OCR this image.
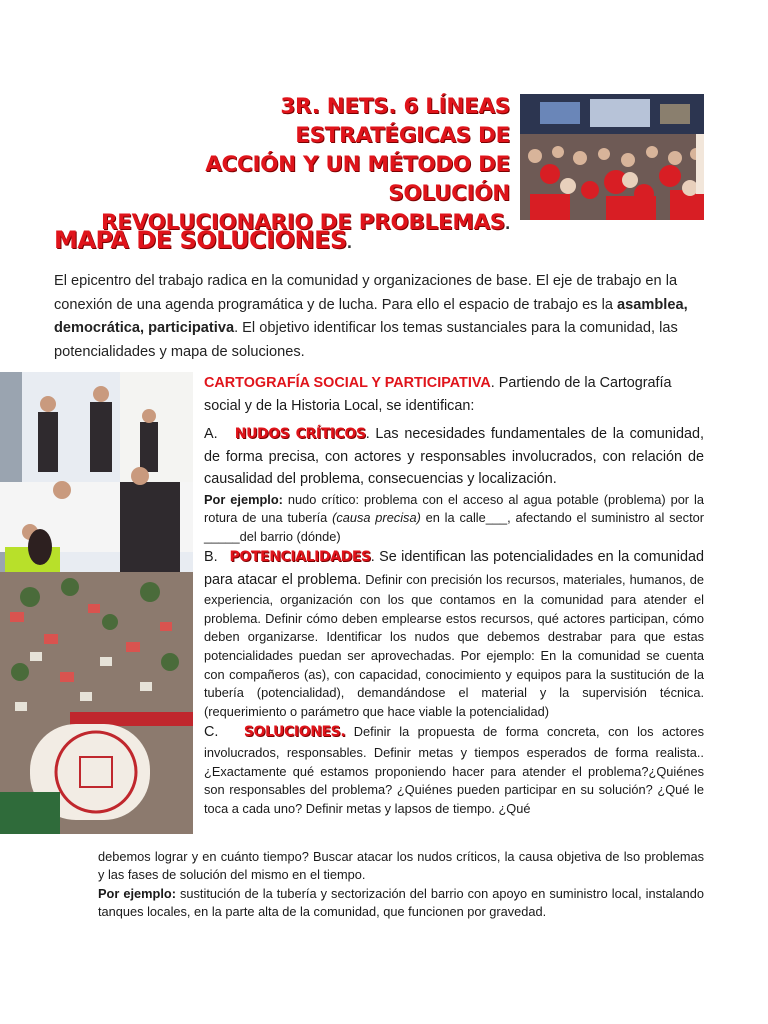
3R. NETS. 6 LÍNEAS ESTRATÉGICAS DE
ACCIÓN Y UN MÉTODO DE SOLUCIÓN
REVOLUCIONARIO DE PROBLEMAS.
MAPA DE SOLUCIONES.

El epicentro del trabajo radica en la comunidad y organizaciones de base. El eje de trabajo en la conexión de una agenda programática y de lucha. Para ello el espacio de trabajo es la asamblea, democrática, participativa. El objetivo identificar los temas sustanciales para la comunidad, las potencialidades y mapa de soluciones.

CARTOGRAFÍA SOCIAL Y PARTICIPATIVA. Partiendo de la Cartografía social y de la Historia Local, se identifican:

A. NUDOS CRÍTICOS. Las necesidades fundamentales de la comunidad, de forma precisa, con actores y responsables involucrados, con relación de causalidad del problema, consecuencias y localización.

Por ejemplo: nudo crítico: problema con el acceso al agua potable (problema) por la rotura de una tubería (causa precisa) en la calle___, afectando el suministro al sector _____del barrio (dónde)

B. POTENCIALIDADES. Se identifican las potencialidades en la comunidad para atacar el problema. Definir con precisión los recursos, materiales, humanos, de experiencia, organización con los que contamos en la comunidad para atender el problema. Definir cómo deben emplearse estos recursos, qué actores participan, cómo deben organizarse. Identificar los nudos que debemos destrabar para que estas potencialidades puedan ser aprovechadas. Por ejemplo: En la comunidad se cuenta con compañeros (as), con capacidad, conocimiento y equipos para la sustitución de la tubería (potencialidad), demandándose el material y la supervisión técnica. (requerimiento o parámetro que hace viable la potencialidad)

C. SOLUCIONES. Definir la propuesta de forma concreta, con los actores involucrados, responsables. Definir metas y tiempos esperados de forma realista.. ¿Exactamente qué estamos proponiendo hacer para atender el problema?¿Quiénes son responsables del problema? ¿Quiénes pueden participar en su solución? ¿Qué le toca a cada uno? Definir metas y lapsos de tiempo. ¿Qué

debemos lograr y en cuánto tiempo? Buscar atacar los nudos críticos, la causa objetiva de lso problemas y las fases de solución del mismo en el tiempo.

Por ejemplo: sustitución de la tubería y sectorización del barrio con apoyo en suministro local, instalando tanques locales, en la parte alta de la comunidad, que funcionen por gravedad.
